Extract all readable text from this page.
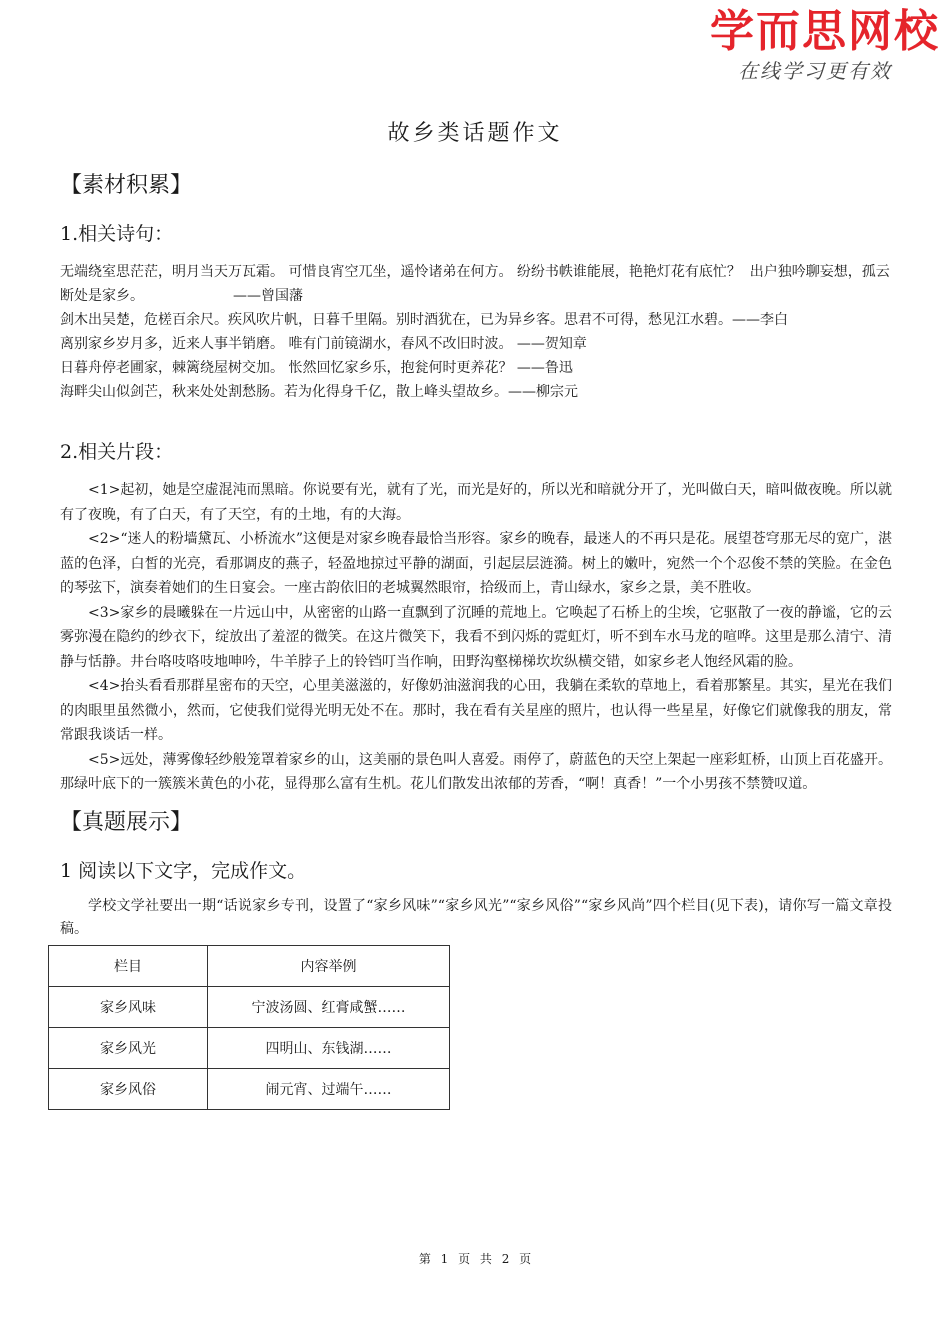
学而思网校
在线学习更有效
故乡类话题作文
【素材积累】
1.相关诗句：
无端绕室思茫茫，明月当天万瓦霜。 可惜良宵空兀坐，遥怜诸弟在何方。 纷纷书帙谁能展，艳艳灯花有底忙？  出户独吟聊妄想，孤云断处是家乡。                    ——曾国藩
剑木出吴楚，危槎百余尺。疾风吹片帆，日暮千里隔。别时酒犹在，已为异乡客。思君不可得，愁见江水碧。——李白
离别家乡岁月多，近来人事半销磨。 唯有门前镜湖水，春风不改旧时波。 ——贺知章
日暮舟停老圃家，棘篱绕屋树交加。 怅然回忆家乡乐，抱瓮何时更养花？ ——鲁迅
海畔尖山似剑芒，秋来处处割愁肠。若为化得身千亿，散上峰头望故乡。——柳宗元
2.相关片段：

<1>起初，她是空虚混沌而黑暗。你说要有光，就有了光，而光是好的，所以光和暗就分开了，光叫做白天，暗叫做夜晚。所以就有了夜晚，有了白天，有了天空，有的土地，有的大海。

<2>“迷人的粉墙黛瓦、小桥流水”这便是对家乡晚春最恰当形容。家乡的晚春，最迷人的不再只是花。展望苍穹那无尽的宽广，湛蓝的色泽，白皙的光亮，看那调皮的燕子，轻盈地掠过平静的湖面，引起层层涟漪。树上的嫩叶，宛然一个个忍俊不禁的笑脸。在金色的琴弦下，演奏着她们的生日宴会。一座古韵依旧的老城翼然眼帘，拾级而上，青山绿水，家乡之景，美不胜收。

<3>家乡的晨曦躲在一片远山中，从密密的山路一直飘到了沉睡的荒地上。它唤起了石桥上的尘埃，它驱散了一夜的静谧，它的云雾弥漫在隐约的纱衣下，绽放出了羞涩的微笑。在这片微笑下，我看不到闪烁的霓虹灯，听不到车水马龙的喧哗。这里是那么清宁、清静与恬静。井台咯吱咯吱地呻吟，牛羊脖子上的铃铛叮当作响，田野沟壑梯梯坎坎纵横交错，如家乡老人饱经风霜的脸。

<4>抬头看看那群星密布的天空，心里美滋滋的，好像奶油滋润我的心田，我躺在柔软的草地上，看着那繁星。其实，星光在我们的肉眼里虽然微小，然而，它使我们觉得光明无处不在。那时，我在看有关星座的照片，也认得一些星星，好像它们就像我的朋友，常常跟我谈话一样。

<5>远处，薄雾像轻纱般笼罩着家乡的山，这美丽的景色叫人喜爱。雨停了，蔚蓝色的天空上架起一座彩虹桥，山顶上百花盛开。那绿叶底下的一簇簇米黄色的小花，显得那么富有生机。花儿们散发出浓郁的芳香，“啊！真香！”一个小男孩不禁赞叹道。

【真题展示】
1 阅读以下文字，完成作文。
学校文学社要出一期“话说家乡专刊，设置了“家乡风味”“家乡风光”“家乡风俗”“家乡风尚”四个栏目(见下表)，请你写一篇文章投稿。
栏目	内容举例
家乡风味	宁波汤圆、红膏咸蟹……
家乡风光	四明山、东钱湖……
家乡风俗	闹元宵、过端午……
第 1 页 共 2 页
